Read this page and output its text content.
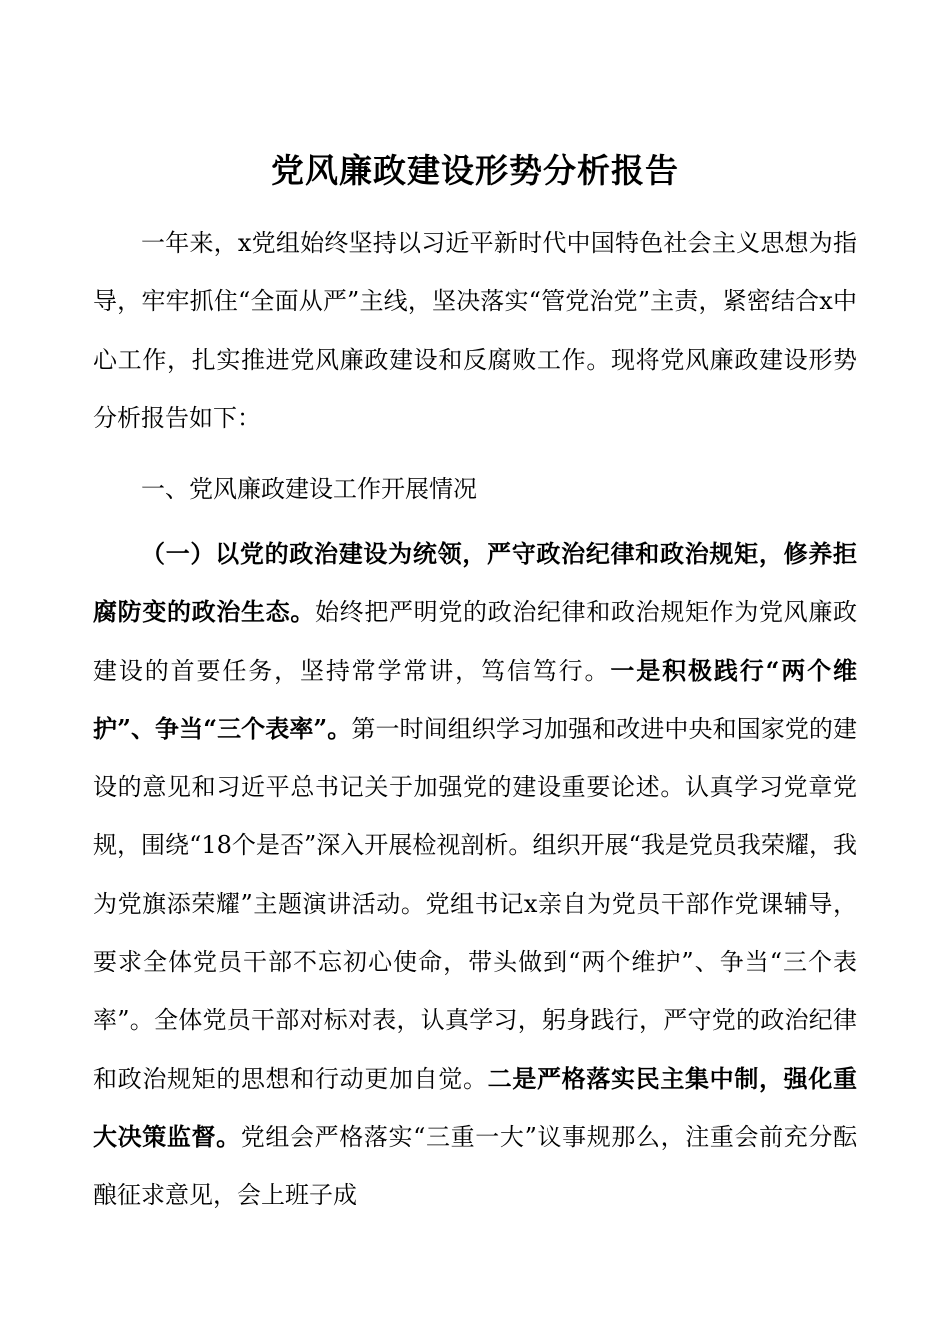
党风廉政建设形势分析报告

一年来，x党组始终坚持以习近平新时代中国特色社会主义思想为指导，牢牢抓住“全面从严”主线，坚决落实“管党治党”主责，紧密结合x中心工作，扎实推进党风廉政建设和反腐败工作。现将党风廉政建设形势分析报告如下：

一、党风廉政建设工作开展情况

（一）以党的政治建设为统领，严守政治纪律和政治规矩，修养拒腐防变的政治生态。始终把严明党的政治纪律和政治规矩作为党风廉政建设的首要任务，坚持常学常讲，笃信笃行。一是积极践行“两个维护”、争当“三个表率”。第一时间组织学习加强和改进中央和国家党的建设的意见和习近平总书记关于加强党的建设重要论述。认真学习党章党规，围绕“18个是否”深入开展检视剖析。组织开展“我是党员我荣耀，我为党旗添荣耀”主题演讲活动。党组书记x亲自为党员干部作党课辅导，要求全体党员干部不忘初心使命，带头做到“两个维护”、争当“三个表率”。全体党员干部对标对表，认真学习，躬身践行，严守党的政治纪律和政治规矩的思想和行动更加自觉。二是严格落实民主集中制，强化重大决策监督。党组会严格落实“三重一大”议事规那么，注重会前充分酝酿征求意见，会上班子成
